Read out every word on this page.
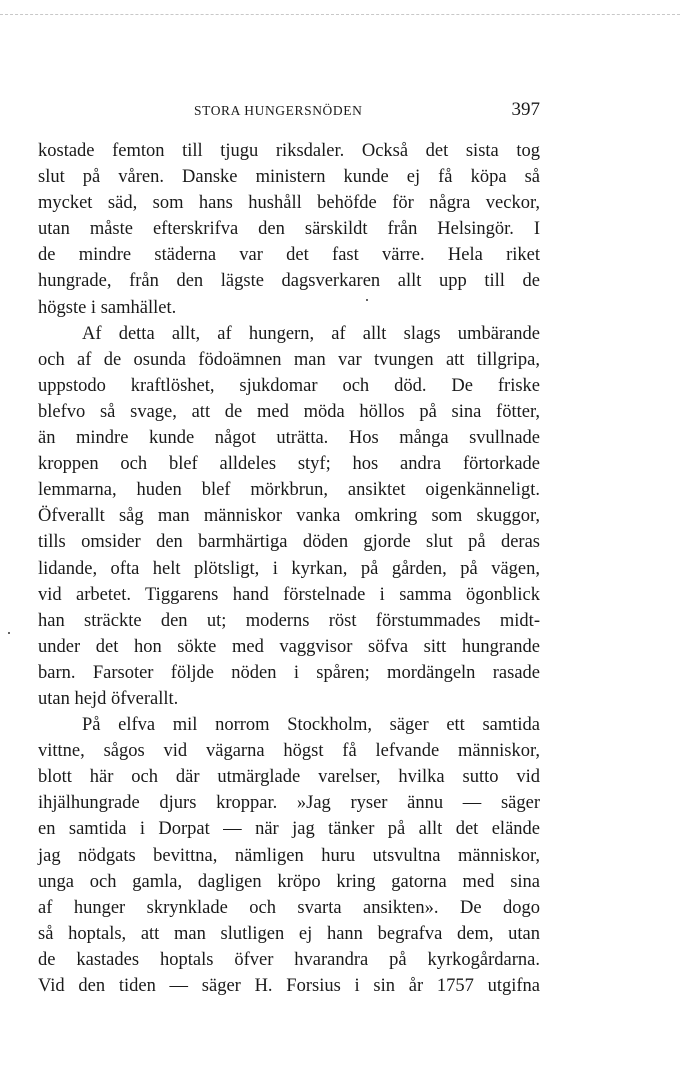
STORA HUNGERSNÖDEN	397
kostade femton till tjugu riksdaler. Också det sista tog
slut på våren. Danske ministern kunde ej få köpa så
mycket säd, som hans hushåll behöfde för några veckor,
utan måste efterskrifva den särskildt från Helsingör. I
de mindre städerna var det fast värre. Hela riket
hungrade, från den lägste dagsverkaren allt upp till de
högste i samhället.
Af detta allt, af hungern, af allt slags umbärande
och af de osunda födoämnen man var tvungen att tillgripa,
uppstodo kraftlöshet, sjukdomar och död. De friske
blefvo så svage, att de med möda höllos på sina fötter,
än mindre kunde något uträtta. Hos många svullnade
kroppen och blef alldeles styf; hos andra förtorkade
lemmarna, huden blef mörkbrun, ansiktet oigenkänneligt.
Öfverallt såg man människor vanka omkring som skuggor,
tills omsider den barmhärtiga döden gjorde slut på deras
lidande, ofta helt plötsligt, i kyrkan, på gården, på vägen,
vid arbetet. Tiggarens hand förstelnade i samma ögonblick
han sträckte den ut; moderns röst förstummades midt-
under det hon sökte med vaggvisor söfva sitt hungrande
barn. Farsoter följde nöden i spåren; mordängeln rasade
utan hejd öfverallt.
På elfva mil norrom Stockholm, säger ett samtida
vittne, sågos vid vägarna högst få lefvande människor,
blott här och där utmärglade varelser, hvilka sutto vid
ihjälhungrade djurs kroppar. »Jag ryser ännu — säger
en samtida i Dorpat — när jag tänker på allt det elände
jag nödgats bevittna, nämligen huru utsvultna människor,
unga och gamla, dagligen kröpo kring gatorna med sina
af hunger skrynklade och svarta ansikten». De dogo
så hoptals, att man slutligen ej hann begrafva dem, utan
de kastades hoptals öfver hvarandra på kyrkogårdarna.
Vid den tiden — säger H. Forsius i sin år 1757 utgifna
